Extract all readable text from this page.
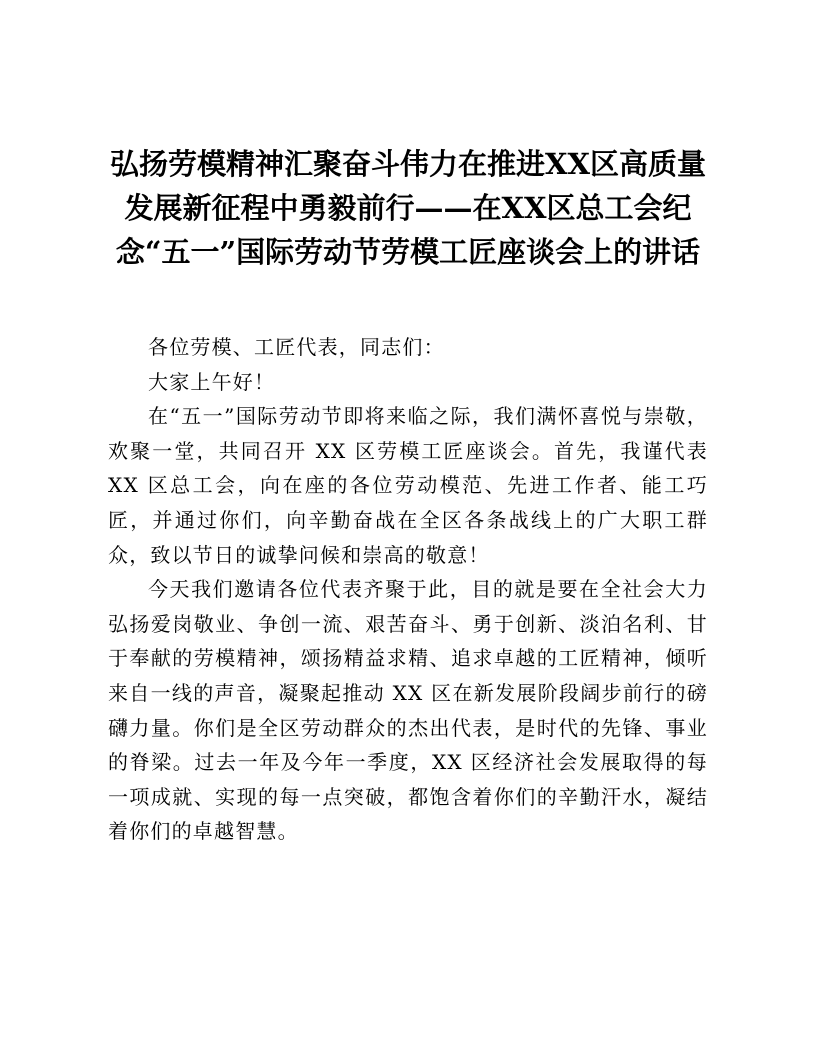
弘扬劳模精神汇聚奋斗伟力在推进XX区高质量发展新征程中勇毅前行——在XX区总工会纪念“五一”国际劳动节劳模工匠座谈会上的讲话

各位劳模、工匠代表，同志们：

大家上午好！

在“五一”国际劳动节即将来临之际，我们满怀喜悦与崇敬，欢聚一堂，共同召开 XX 区劳模工匠座谈会。首先，我谨代表 XX 区总工会，向在座的各位劳动模范、先进工作者、能工巧匠，并通过你们，向辛勤奋战在全区各条战线上的广大职工群众，致以节日的诚挚问候和崇高的敬意！

今天我们邀请各位代表齐聚于此，目的就是要在全社会大力弘扬爱岗敬业、争创一流、艰苦奋斗、勇于创新、淡泊名利、甘于奉献的劳模精神，颂扬精益求精、追求卓越的工匠精神，倾听来自一线的声音，凝聚起推动 XX 区在新发展阶段阔步前行的磅礴力量。你们是全区劳动群众的杰出代表，是时代的先锋、事业的脊梁。过去一年及今年一季度，XX 区经济社会发展取得的每一项成就、实现的每一点突破，都饱含着你们的辛勤汗水，凝结着你们的卓越智慧。
